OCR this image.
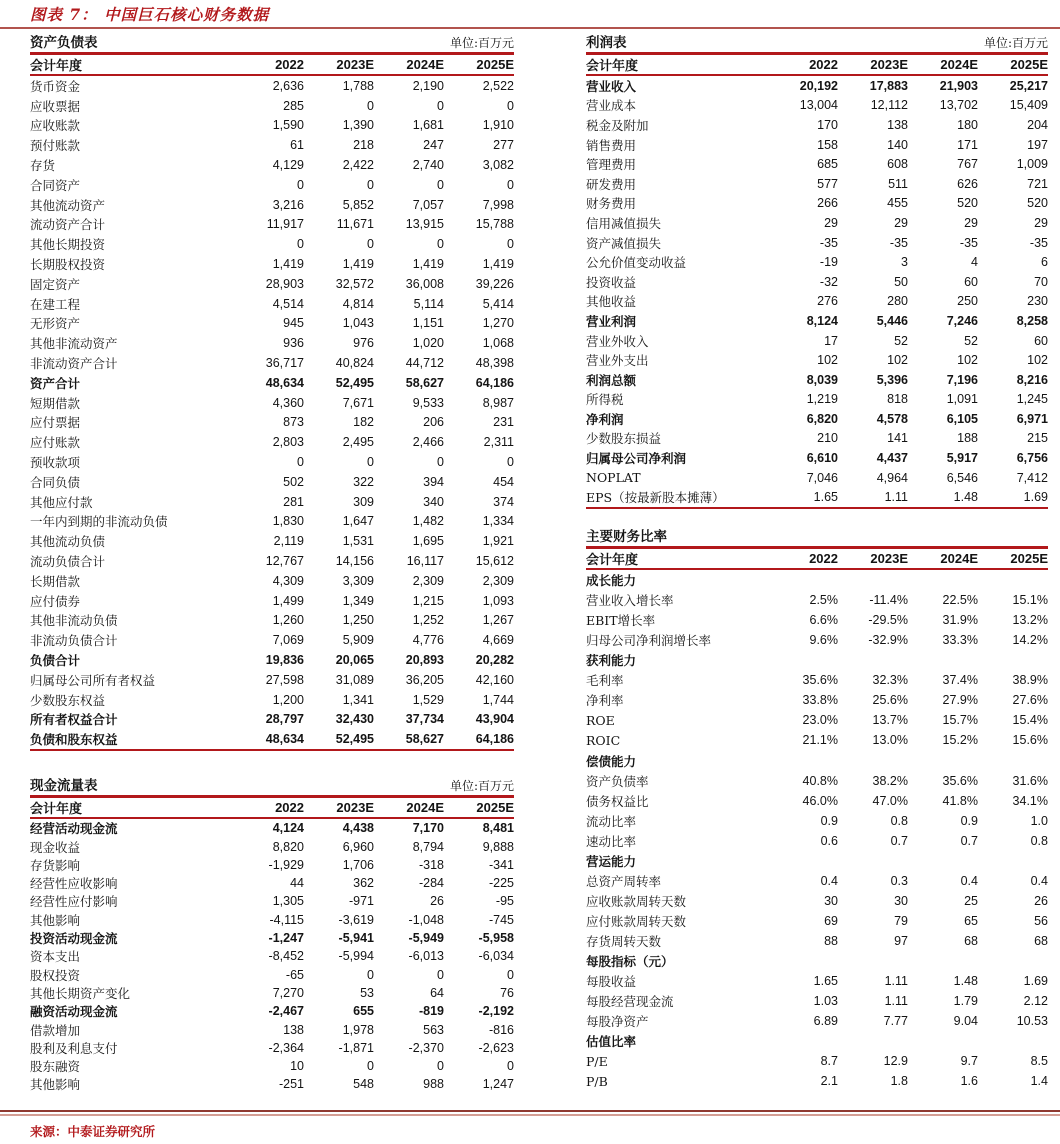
图表 7： 中国巨石核心财务数据
资产负债表	单位:百万元
会计年度	2022	2023E	2024E	2025E
货币资金	2,636	1,788	2,190	2,522
应收票据	285	0	0	0
应收账款	1,590	1,390	1,681	1,910
预付账款	61	218	247	277
存货	4,129	2,422	2,740	3,082
合同资产	0	0	0	0
其他流动资产	3,216	5,852	7,057	7,998
流动资产合计	11,917	11,671	13,915	15,788
其他长期投资	0	0	0	0
长期股权投资	1,419	1,419	1,419	1,419
固定资产	28,903	32,572	36,008	39,226
在建工程	4,514	4,814	5,114	5,414
无形资产	945	1,043	1,151	1,270
其他非流动资产	936	976	1,020	1,068
非流动资产合计	36,717	40,824	44,712	48,398
资产合计	48,634	52,495	58,627	64,186
短期借款	4,360	7,671	9,533	8,987
应付票据	873	182	206	231
应付账款	2,803	2,495	2,466	2,311
预收款项	0	0	0	0
合同负债	502	322	394	454
其他应付款	281	309	340	374
一年内到期的非流动负债	1,830	1,647	1,482	1,334
其他流动负债	2,119	1,531	1,695	1,921
流动负债合计	12,767	14,156	16,117	15,612
长期借款	4,309	3,309	2,309	2,309
应付债券	1,499	1,349	1,215	1,093
其他非流动负债	1,260	1,250	1,252	1,267
非流动负债合计	7,069	5,909	4,776	4,669
负债合计	19,836	20,065	20,893	20,282
归属母公司所有者权益	27,598	31,089	36,205	42,160
少数股东权益	1,200	1,341	1,529	1,744
所有者权益合计	28,797	32,430	37,734	43,904
负债和股东权益	48,634	52,495	58,627	64,186
现金流量表	单位:百万元
会计年度	2022	2023E	2024E	2025E
经营活动现金流	4,124	4,438	7,170	8,481
现金收益	8,820	6,960	8,794	9,888
存货影响	-1,929	1,706	-318	-341
经营性应收影响	44	362	-284	-225
经营性应付影响	1,305	-971	26	-95
其他影响	-4,115	-3,619	-1,048	-745
投资活动现金流	-1,247	-5,941	-5,949	-5,958
资本支出	-8,452	-5,994	-6,013	-6,034
股权投资	-65	0	0	0
其他长期资产变化	7,270	53	64	76
融资活动现金流	-2,467	655	-819	-2,192
借款增加	138	1,978	563	-816
股利及利息支付	-2,364	-1,871	-2,370	-2,623
股东融资	10	0	0	0
其他影响	-251	548	988	1,247
利润表	单位:百万元
会计年度	2022	2023E	2024E	2025E
营业收入	20,192	17,883	21,903	25,217
营业成本	13,004	12,112	13,702	15,409
税金及附加	170	138	180	204
销售费用	158	140	171	197
管理费用	685	608	767	1,009
研发费用	577	511	626	721
财务费用	266	455	520	520
信用减值损失	29	29	29	29
资产减值损失	-35	-35	-35	-35
公允价值变动收益	-19	3	4	6
投资收益	-32	50	60	70
其他收益	276	280	250	230
营业利润	8,124	5,446	7,246	8,258
营业外收入	17	52	52	60
营业外支出	102	102	102	102
利润总额	8,039	5,396	7,196	8,216
所得税	1,219	818	1,091	1,245
净利润	6,820	4,578	6,105	6,971
少数股东损益	210	141	188	215
归属母公司净利润	6,610	4,437	5,917	6,756
NOPLAT	7,046	4,964	6,546	7,412
EPS（按最新股本摊薄）	1.65	1.11	1.48	1.69
主要财务比率
会计年度	2022	2023E	2024E	2025E
成长能力
营业收入增长率	2.5%	-11.4%	22.5%	15.1%
EBIT增长率	6.6%	-29.5%	31.9%	13.2%
归母公司净利润增长率	9.6%	-32.9%	33.3%	14.2%
获利能力
毛利率	35.6%	32.3%	37.4%	38.9%
净利率	33.8%	25.6%	27.9%	27.6%
ROE	23.0%	13.7%	15.7%	15.4%
ROIC	21.1%	13.0%	15.2%	15.6%
偿债能力
资产负债率	40.8%	38.2%	35.6%	31.6%
债务权益比	46.0%	47.0%	41.8%	34.1%
流动比率	0.9	0.8	0.9	1.0
速动比率	0.6	0.7	0.7	0.8
营运能力
总资产周转率	0.4	0.3	0.4	0.4
应收账款周转天数	30	30	25	26
应付账款周转天数	69	79	65	56
存货周转天数	88	97	68	68
每股指标（元）
每股收益	1.65	1.11	1.48	1.69
每股经营现金流	1.03	1.11	1.79	2.12
每股净资产	6.89	7.77	9.04	10.53
估值比率
P/E	8.7	12.9	9.7	8.5
P/B	2.1	1.8	1.6	1.4
来源：中泰证券研究所
